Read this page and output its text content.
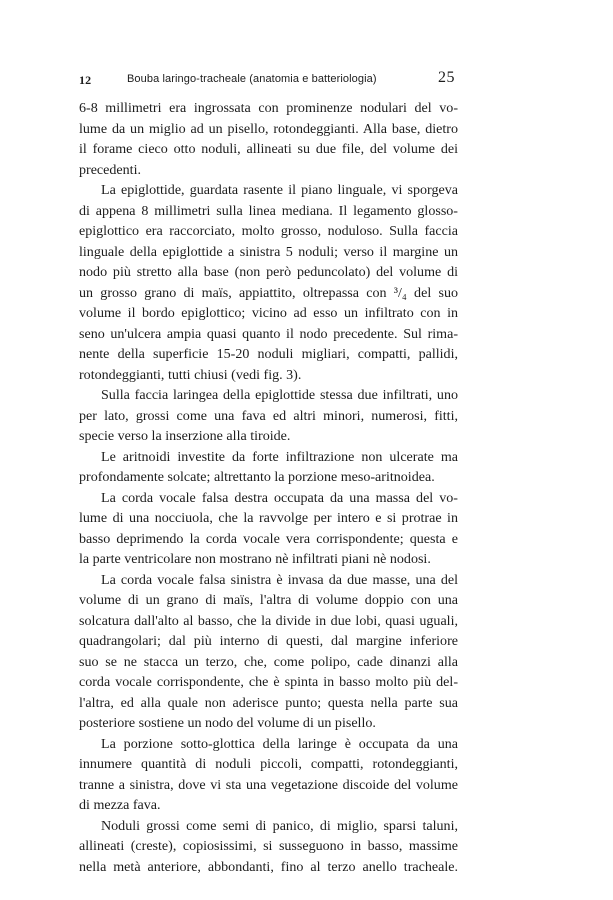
12	Bouba laringo-tracheale (anatomia e batteriologia)	25

6-8 millimetri era ingrossata con prominenze nodulari del vo-

lume da un miglio ad un pisello, rotondeggianti. Alla base, dietro

il forame cieco otto noduli, allineati su due file, del volume dei

precedenti.

La epiglottide, guardata rasente il piano linguale, vi sporgeva

di appena 8 millimetri sulla linea mediana. Il legamento glosso-

epiglottico era raccorciato, molto grosso, noduloso. Sulla faccia

linguale della epiglottide a sinistra 5 noduli; verso il margine un

nodo più stretto alla base (non però peduncolato) del volume di

un grosso grano di maïs, appiattito, oltrepassa con ³/₄ del suo

volume il bordo epiglottico; vicino ad esso un infiltrato con in

seno un'ulcera ampia quasi quanto il nodo precedente. Sul rima-

nente della superficie 15-20 noduli migliari, compatti, pallidi,

rotondeggianti, tutti chiusi (vedi fig. 3).

Sulla faccia laringea della epiglottide stessa due infiltrati, uno

per lato, grossi come una fava ed altri minori, numerosi, fitti,

specie verso la inserzione alla tiroide.

Le aritnoidi investite da forte infiltrazione non ulcerate ma

profondamente solcate; altrettanto la porzione meso-aritnoidea.

La corda vocale falsa destra occupata da una massa del vo-

lume di una nocciuola, che la ravvolge per intero e si protrae in

basso deprimendo la corda vocale vera corrispondente; questa e

la parte ventricolare non mostrano nè infiltrati piani nè nodosi.

La corda vocale falsa sinistra è invasa da due masse, una del

volume di un grano di maïs, l'altra di volume doppio con una

solcatura dall'alto al basso, che la divide in due lobi, quasi uguali,

quadrangolari; dal più interno di questi, dal margine inferiore

suo se ne stacca un terzo, che, come polipo, cade dinanzi alla

corda vocale corrispondente, che è spinta in basso molto più del-

l'altra, ed alla quale non aderisce punto; questa nella parte sua

posteriore sostiene un nodo del volume di un pisello.

La porzione sotto-glottica della laringe è occupata da una

innumere quantità di noduli piccoli, compatti, rotondeggianti,

tranne a sinistra, dove vi sta una vegetazione discoide del volume

di mezza fava.

Noduli grossi come semi di panico, di miglio, sparsi taluni,

allineati (creste), copiosissimi, si susseguono in basso, massime

nella metà anteriore, abbondanti, fino al terzo anello tracheale.
